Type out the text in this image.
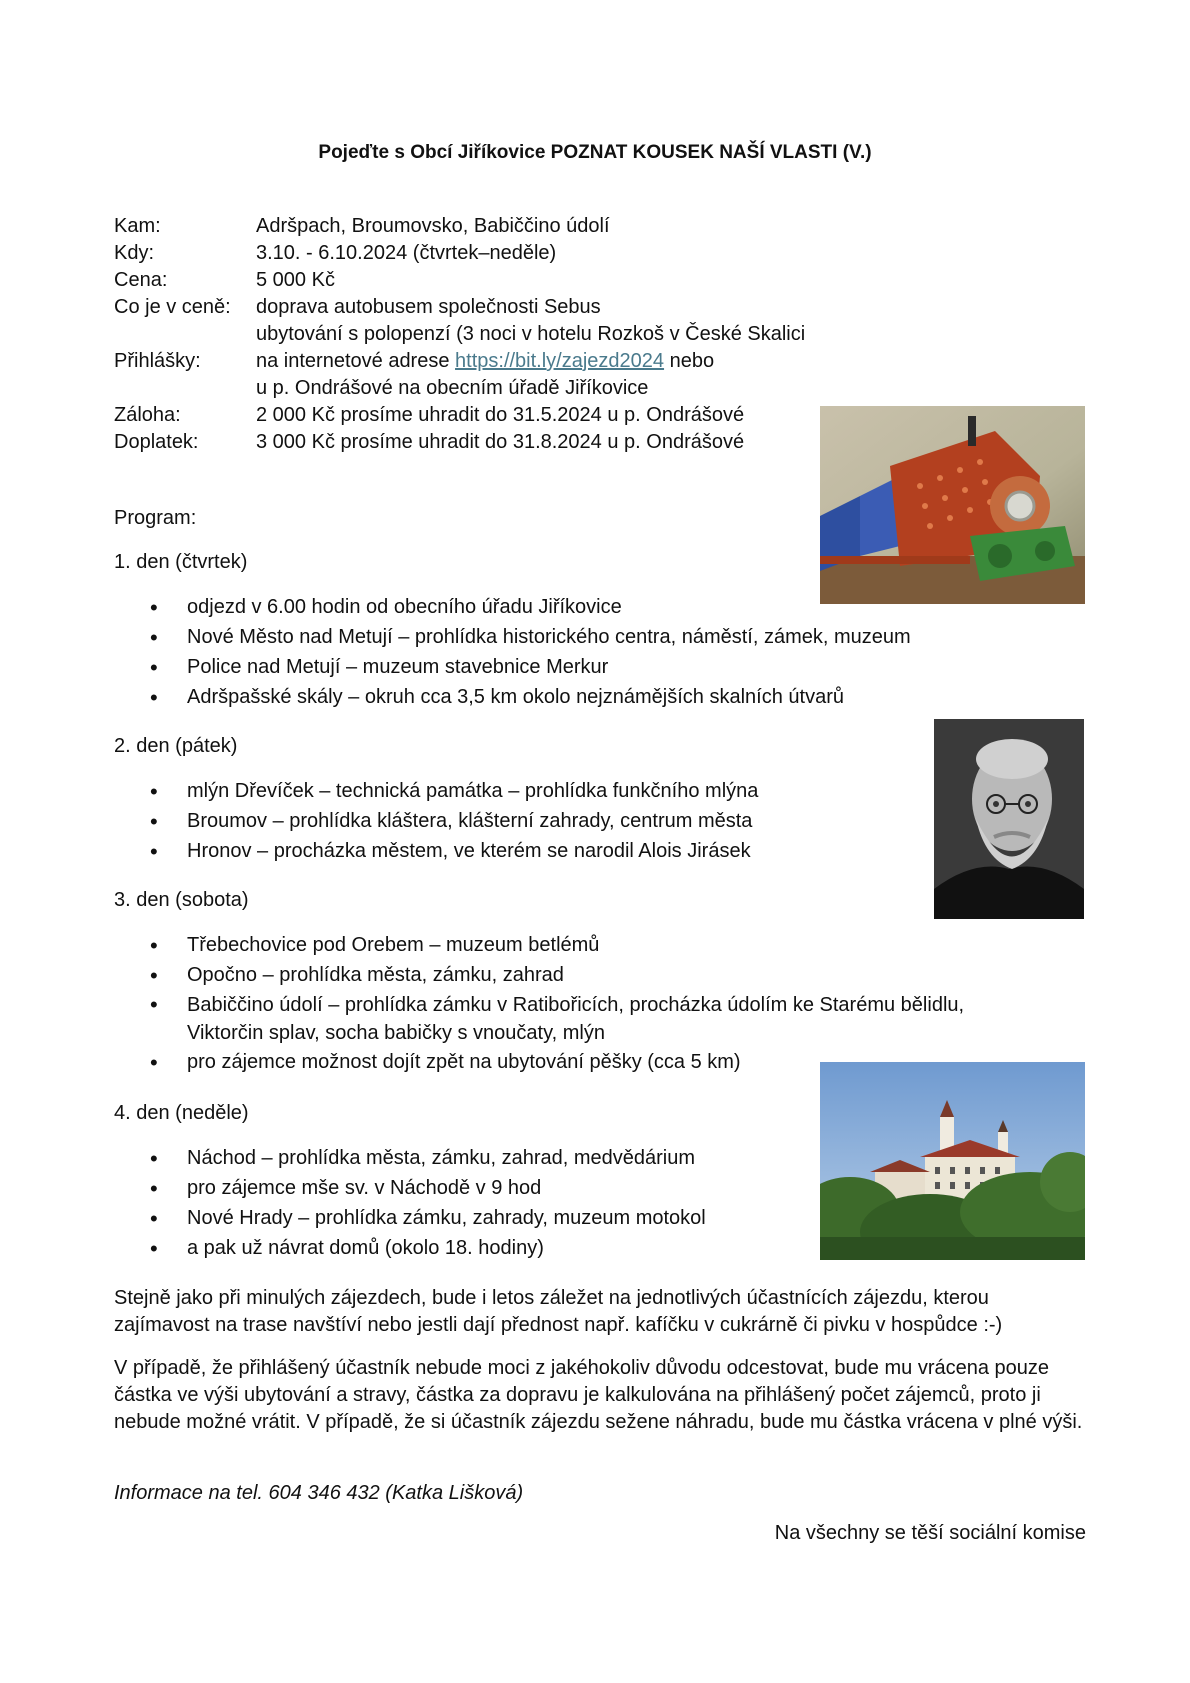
Pojeďte s Obcí Jiříkovice POZNAT KOUSEK NAŠÍ VLASTI (V.)
Kam:	Adršpach, Broumovsko, Babiččino údolí
Kdy:	3.10. - 6.10.2024 (čtvrtek–neděle)
Cena:	5 000 Kč
Co je v ceně:	doprava autobusem společnosti Sebus
ubytování s polopenzí (3 noci v hotelu Rozkoš v České Skalici
Přihlášky:	na internetové adrese https://bit.ly/zajezd2024 nebo
u p. Ondrášové na obecním úřadě Jiříkovice
Záloha:	2 000 Kč prosíme uhradit do 31.5.2024 u p. Ondrášové
Doplatek:	3 000 Kč prosíme uhradit do 31.8.2024 u p. Ondrášové
Program:
1. den (čtvrtek)
• odjezd v 6.00 hodin od obecního úřadu Jiříkovice
• Nové Město nad Metují – prohlídka historického centra, náměstí, zámek, muzeum
• Police nad Metují – muzeum stavebnice Merkur
• Adršpašské skály – okruh cca 3,5 km okolo nejznámějších skalních útvarů
2. den (pátek)
• mlýn Dřevíček – technická památka – prohlídka funkčního mlýna
• Broumov – prohlídka kláštera, klášterní zahrady, centrum města
• Hronov – procházka městem, ve kterém se narodil Alois Jirásek
3. den (sobota)
• Třebechovice pod Orebem – muzeum betlémů
• Opočno – prohlídka města, zámku, zahrad
• Babiččino údolí – prohlídka zámku v Ratibořicích, procházka údolím ke Starému bělidlu,
Viktorčin splav, socha babičky s vnoučaty, mlýn
• pro zájemce možnost dojít zpět na ubytování pěšky (cca 5 km)
4. den (neděle)
• Náchod – prohlídka města, zámku, zahrad, medvědárium
• pro zájemce mše sv. v Náchodě v 9 hod
• Nové Hrady – prohlídka zámku, zahrady, muzeum motokol
• a pak už návrat domů (okolo 18. hodiny)

Stejně jako při minulých zájezdech, bude i letos záležet na jednotlivých účastnících zájezdu, kterou zajímavost na trase navštíví nebo jestli dají přednost např. kafíčku v cukrárně či pivku v hospůdce :-)

V případě, že přihlášený účastník nebude moci z jakéhokoliv důvodu odcestovat, bude mu vrácena pouze částka ve výši ubytování a stravy, částka za dopravu je kalkulována na přihlášený počet zájemců, proto ji nebude možné vrátit. V případě, že si účastník zájezdu sežene náhradu, bude mu částka vrácena v plné výši.

Informace na tel. 604 346 432 (Katka Lišková)

Na všechny se těší sociální komise
